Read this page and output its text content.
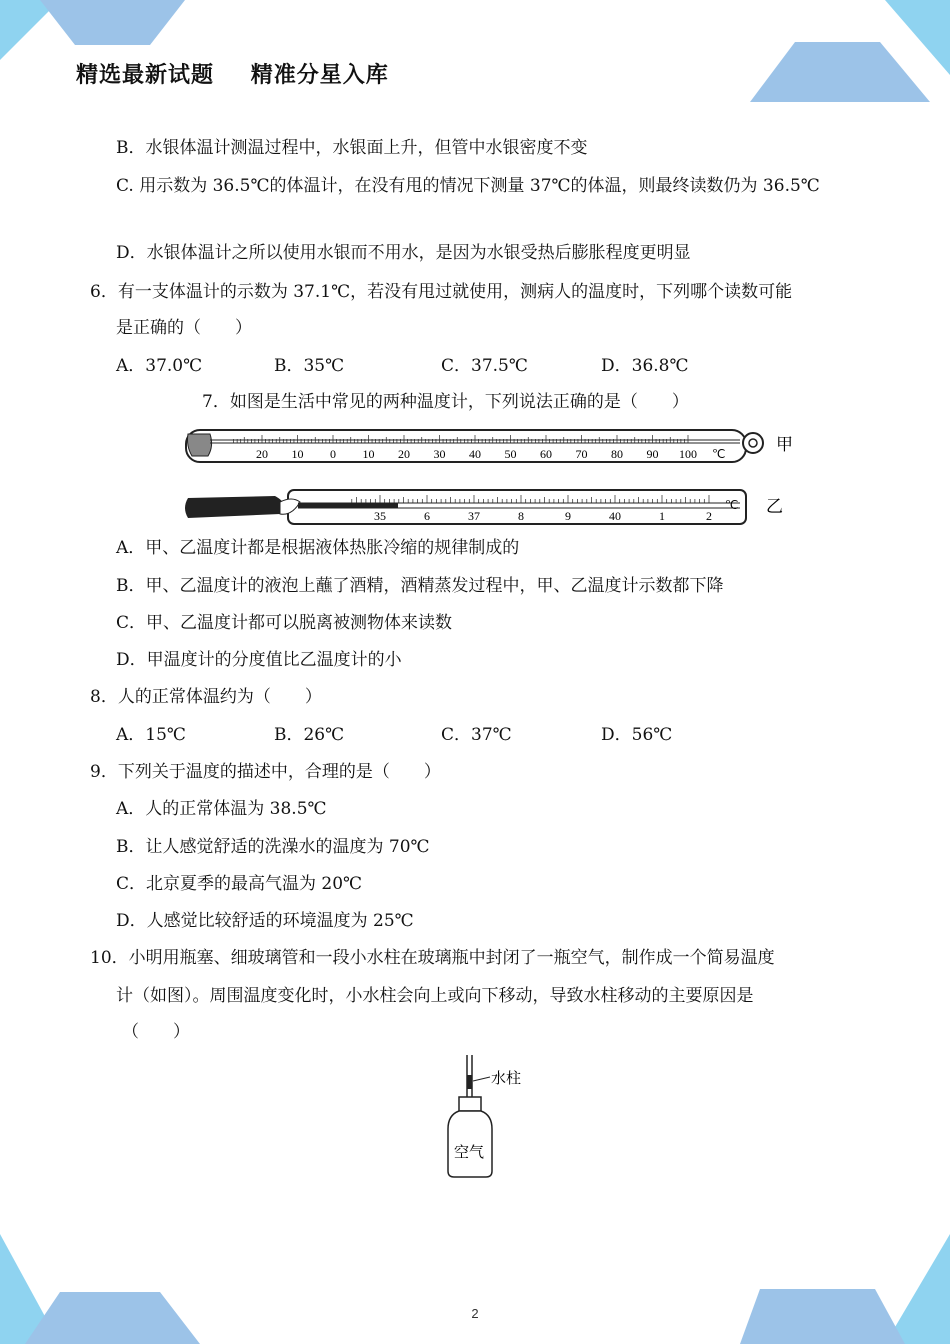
精选最新试题 精准分星入库
B．水银体温计测温过程中，水银面上升，但管中水银密度不变
C. 用示数为 36.5℃的体温计，在没有甩的情况下测量 37℃的体温，则最终读数仍为 36.5℃
D．水银体温计之所以使用水银而不用水，是因为水银受热后膨胀程度更明显
6．有一支体温计的示数为 37.1℃，若没有甩过就使用，测病人的温度时，下列哪个读数可能
是正确的（　　）
A．37.0℃	B．35℃	C．37.5℃	D．36.8℃
7．如图是生活中常见的两种温度计，下列说法正确的是（　　）
20 10 0 10 20 30 40 50 60 70 80 90 100 ℃	甲
35	6	37	8	9	40	1	2
℃ 乙
A．甲、乙温度计都是根据液体热胀冷缩的规律制成的
B．甲、乙温度计的液泡上蘸了酒精，酒精蒸发过程中，甲、乙温度计示数都下降
C．甲、乙温度计都可以脱离被测物体来读数
D．甲温度计的分度值比乙温度计的小
8．人的正常体温约为（　　）
A．15℃	B．26℃	C．37℃	D．56℃
9．下列关于温度的描述中，合理的是（　　）
A．人的正常体温为 38.5℃
B．让人感觉舒适的洗澡水的温度为 70℃
C．北京夏季的最高气温为 20℃
D．人感觉比较舒适的环境温度为 25℃
10．小明用瓶塞、细玻璃管和一段小水柱在玻璃瓶中封闭了一瓶空气，制作成一个简易温度
计（如图）。周围温度变化时，小水柱会向上或向下移动，导致水柱移动的主要原因是
（　　）
水柱
空气
2
